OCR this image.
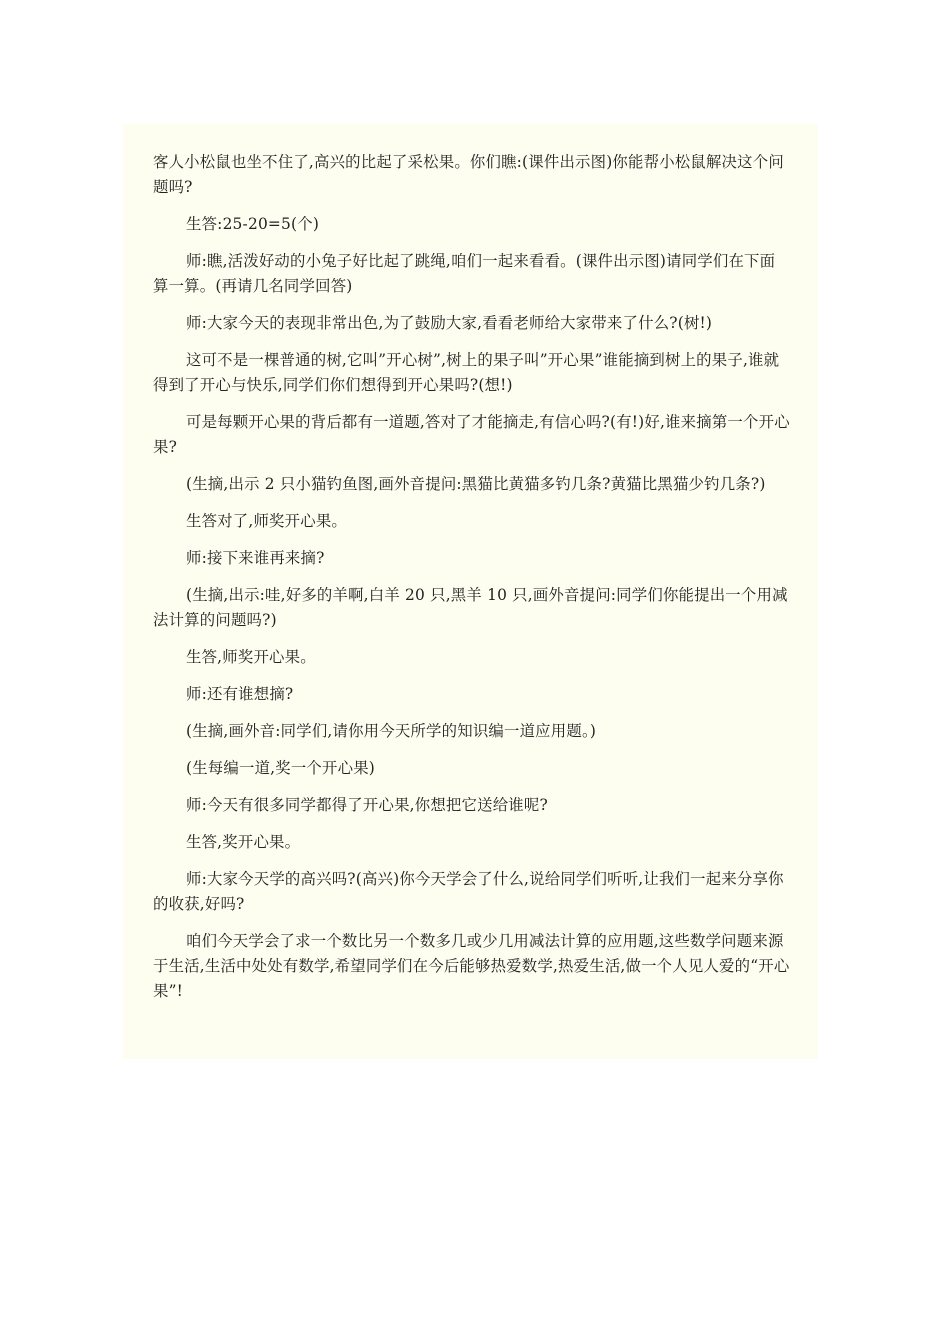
客人小松鼠也坐不住了,高兴的比起了采松果。你们瞧:(课件出示图)你能帮小松鼠解决这个问题吗?

生答:25-20=5(个)

师:瞧,活泼好动的小兔子好比起了跳绳,咱们一起来看看。(课件出示图)请同学们在下面算一算。(再请几名同学回答)

师:大家今天的表现非常出色,为了鼓励大家,看看老师给大家带来了什么?(树!)

这可不是一棵普通的树,它叫”开心树”,树上的果子叫”开心果”谁能摘到树上的果子,谁就得到了开心与快乐,同学们你们想得到开心果吗?(想!)

可是每颗开心果的背后都有一道题,答对了才能摘走,有信心吗?(有!)好,谁来摘第一个开心果?

(生摘,出示 2 只小猫钓鱼图,画外音提问:黑猫比黄猫多钓几条?黄猫比黑猫少钓几条?)

生答对了,师奖开心果。

师:接下来谁再来摘?

(生摘,出示:哇,好多的羊啊,白羊 20 只,黑羊 10 只,画外音提问:同学们你能提出一个用减法计算的问题吗?)

生答,师奖开心果。

师:还有谁想摘?

(生摘,画外音:同学们,请你用今天所学的知识编一道应用题。)

(生每编一道,奖一个开心果)

师:今天有很多同学都得了开心果,你想把它送给谁呢?

生答,奖开心果。

师:大家今天学的高兴吗?(高兴)你今天学会了什么,说给同学们听听,让我们一起来分享你的收获,好吗?

咱们今天学会了求一个数比另一个数多几或少几用减法计算的应用题,这些数学问题来源于生活,生活中处处有数学,希望同学们在今后能够热爱数学,热爱生活,做一个人见人爱的“开心果”!
